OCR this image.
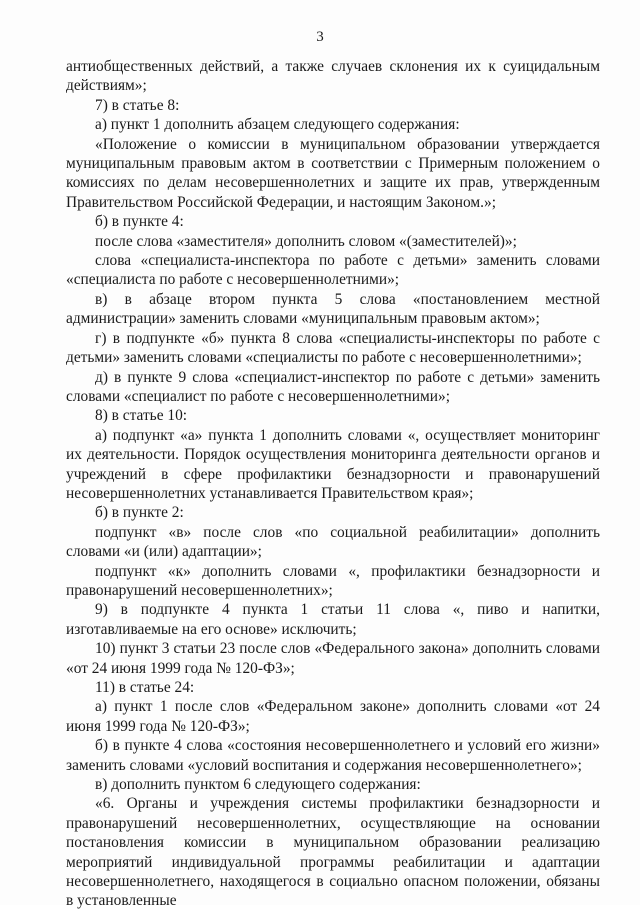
3

антиобщественных действий, а также случаев склонения их к суицидальным действиям»;

7) в статье 8:

а) пункт 1 дополнить абзацем следующего содержания:

«Положение о комиссии в муниципальном образовании утверждается муниципальным правовым актом в соответствии с Примерным положением о комиссиях по делам несовершеннолетних и защите их прав, утвержденным Правительством Российской Федерации, и настоящим Законом.»;

б) в пункте 4:

после слова «заместителя» дополнить словом «(заместителей)»;

слова «специалиста-инспектора по работе с детьми» заменить словами «специалиста по работе с несовершеннолетними»;

в) в абзаце втором пункта 5 слова «постановлением местной администрации» заменить словами «муниципальным правовым актом»;

г) в подпункте «б» пункта 8 слова «специалисты-инспекторы по работе с детьми» заменить словами «специалисты по работе с несовершеннолетними»;

д) в пункте 9 слова «специалист-инспектор по работе с детьми» заменить словами «специалист по работе с несовершеннолетними»;

8) в статье 10:

а) подпункт «а» пункта 1 дополнить словами «, осуществляет мониторинг их деятельности. Порядок осуществления мониторинга деятельности органов и учреждений в сфере профилактики безнадзорности и правонарушений несовершеннолетних устанавливается Правительством края»;

б) в пункте 2:

подпункт «в» после слов «по социальной реабилитации» дополнить словами «и (или) адаптации»;

подпункт «к» дополнить словами «, профилактики безнадзорности и правонарушений несовершеннолетних»;

9) в подпункте 4 пункта 1 статьи 11 слова «, пиво и напитки, изготавливаемые на его основе» исключить;

10) пункт 3 статьи 23 после слов «Федерального закона» дополнить словами «от 24 июня 1999 года № 120-ФЗ»;

11) в статье 24:

а) пункт 1 после слов «Федеральном законе» дополнить словами «от 24 июня 1999 года № 120-ФЗ»;

б) в пункте 4 слова «состояния несовершеннолетнего и условий его жизни» заменить словами «условий воспитания и содержания несовершеннолетнего»;

в) дополнить пунктом 6 следующего содержания:

«6. Органы и учреждения системы профилактики безнадзорности и правонарушений несовершеннолетних, осуществляющие на основании постановления комиссии в муниципальном образовании реализацию мероприятий индивидуальной программы реабилитации и адаптации несовершеннолетнего, находящегося в социально опасном положении, обязаны в установленные
